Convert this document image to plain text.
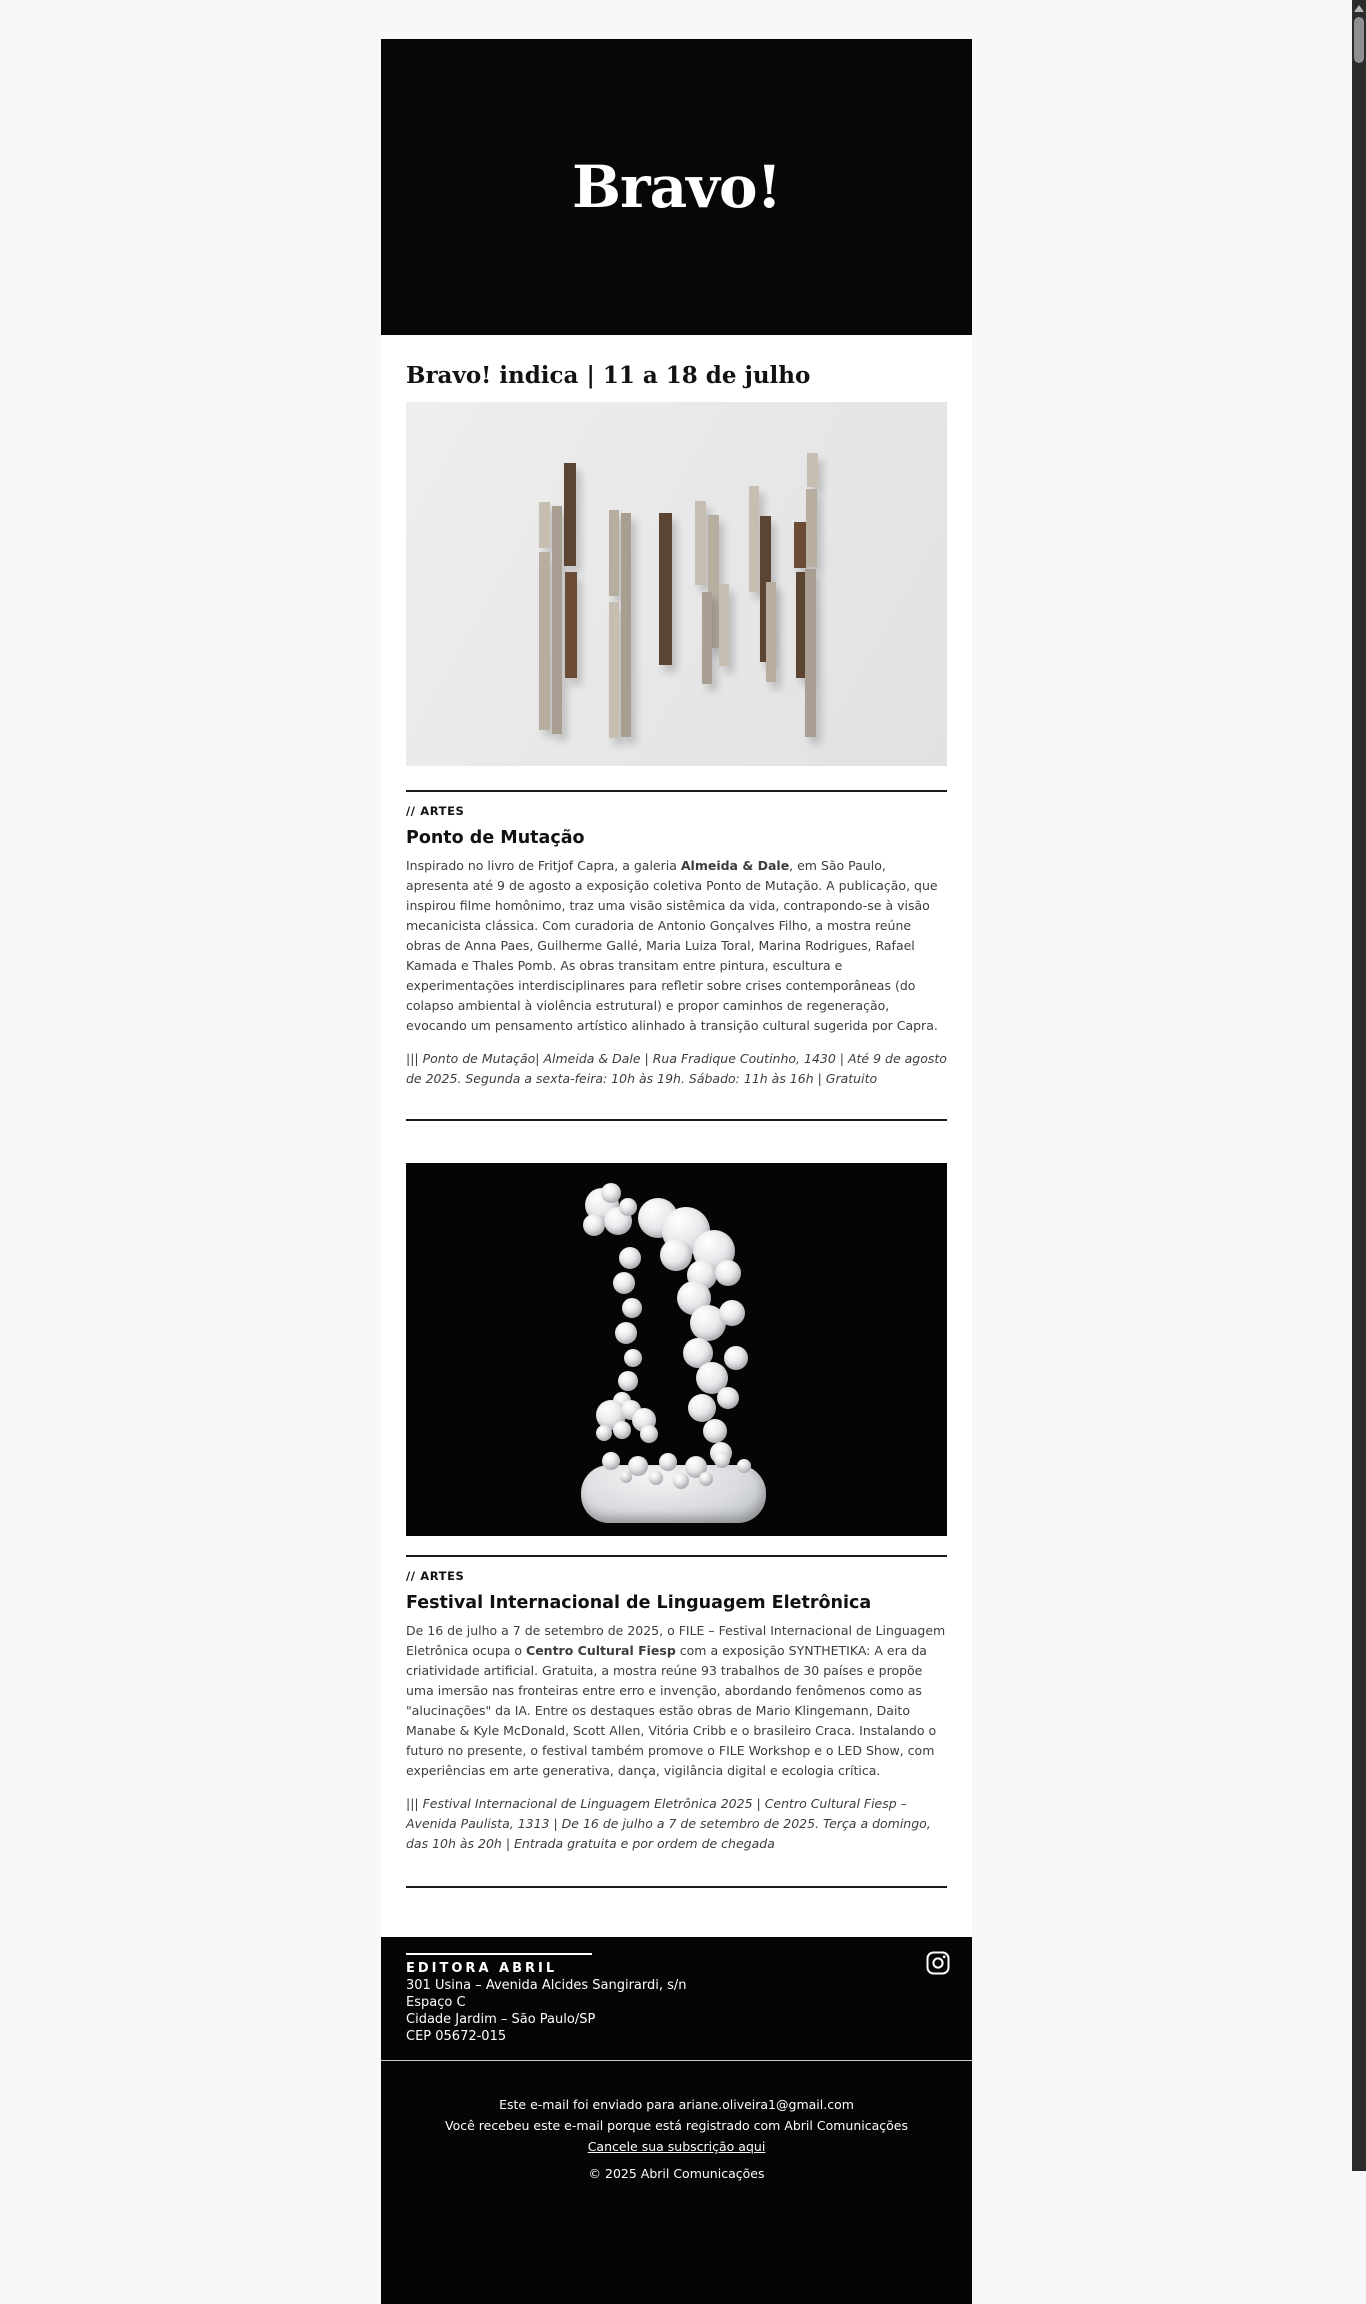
Bravo!
Bravo! indica | 11 a 18 de julho
// ARTES
Ponto de Mutação

Inspirado no livro de Fritjof Capra, a galeria Almeida & Dale, em São Paulo, apresenta até 9 de agosto a exposição coletiva Ponto de Mutação. A publicação, que inspirou filme homônimo, traz uma visão sistêmica da vida, contrapondo-se à visão mecanicista clássica. Com curadoria de Antonio Gonçalves Filho, a mostra reúne obras de Anna Paes, Guilherme Gallé, Maria Luiza Toral, Marina Rodrigues, Rafael Kamada e Thales Pomb. As obras transitam entre pintura, escultura e experimentações interdisciplinares para refletir sobre crises contemporâneas (do colapso ambiental à violência estrutural) e propor caminhos de regeneração, evocando um pensamento artístico alinhado à transição cultural sugerida por Capra.

||| Ponto de Mutação| Almeida & Dale | Rua Fradique Coutinho, 1430 | Até 9 de agosto de 2025. Segunda a sexta-feira: 10h às 19h. Sábado: 11h às 16h | Gratuito

// ARTES
Festival Internacional de Linguagem Eletrônica

De 16 de julho a 7 de setembro de 2025, o FILE – Festival Internacional de Linguagem Eletrônica ocupa o Centro Cultural Fiesp com a exposição SYNTHETIKA: A era da criatividade artificial. Gratuita, a mostra reúne 93 trabalhos de 30 países e propõe uma imersão nas fronteiras entre erro e invenção, abordando fenômenos como as "alucinações" da IA. Entre os destaques estão obras de Mario Klingemann, Daito Manabe & Kyle McDonald, Scott Allen, Vitória Cribb e o brasileiro Craca. Instalando o futuro no presente, o festival também promove o FILE Workshop e o LED Show, com experiências em arte generativa, dança, vigilância digital e ecologia crítica.

||| Festival Internacional de Linguagem Eletrônica 2025 | Centro Cultural Fiesp – Avenida Paulista, 1313 | De 16 de julho a 7 de setembro de 2025. Terça a domingo, das 10h às 20h | Entrada gratuita e por ordem de chegada

EDITORA ABRIL

301 Usina – Avenida Alcides Sangirardi, s/n

Espaço C

Cidade Jardim – São Paulo/SP

CEP 05672-015

Este e-mail foi enviado para ariane.oliveira1@gmail.com

Você recebeu este e-mail porque está registrado com Abril Comunicações

Cancele sua subscrição aqui

© 2025 Abril Comunicações
